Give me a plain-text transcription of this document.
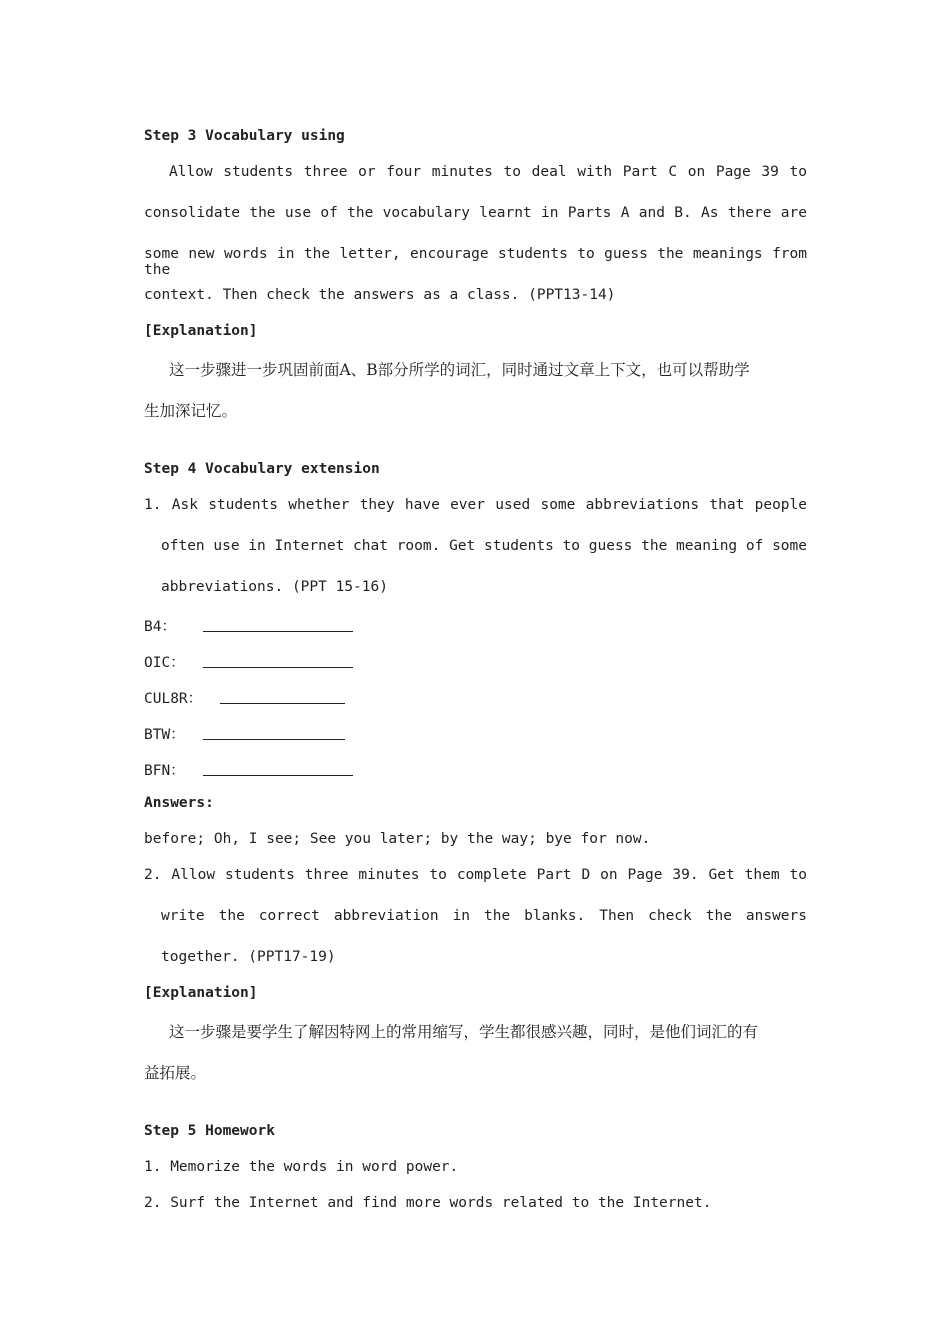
Step 3 Vocabulary using
Allow students three or four minutes to deal with Part C on Page 39 to
consolidate the use of the vocabulary learnt in Parts A and B. As there are
some new words in the letter, encourage students to guess the meanings from the
context. Then check the answers as a class. (PPT13-14)
[Explanation]
这一步骤进一步巩固前面A、B部分所学的词汇，同时通过文章上下文，也可以帮助学
生加深记忆。
Step 4 Vocabulary extension
1. Ask students whether they have ever used some abbreviations that people
often use in Internet chat room. Get students to guess the meaning of some
abbreviations. (PPT 15-16)
B4：
OIC：
CUL8R：
BTW：
BFN：
Answers:
before; Oh, I see; See you later; by the way; bye for now.
2. Allow students three minutes to complete Part D on Page 39. Get them to
write the correct abbreviation in the blanks. Then check the answers
together. (PPT17-19)
[Explanation]
这一步骤是要学生了解因特网上的常用缩写，学生都很感兴趣，同时，是他们词汇的有
益拓展。
Step 5 Homework
1. Memorize the words in word power.
2. Surf the Internet and find more words related to the Internet.
